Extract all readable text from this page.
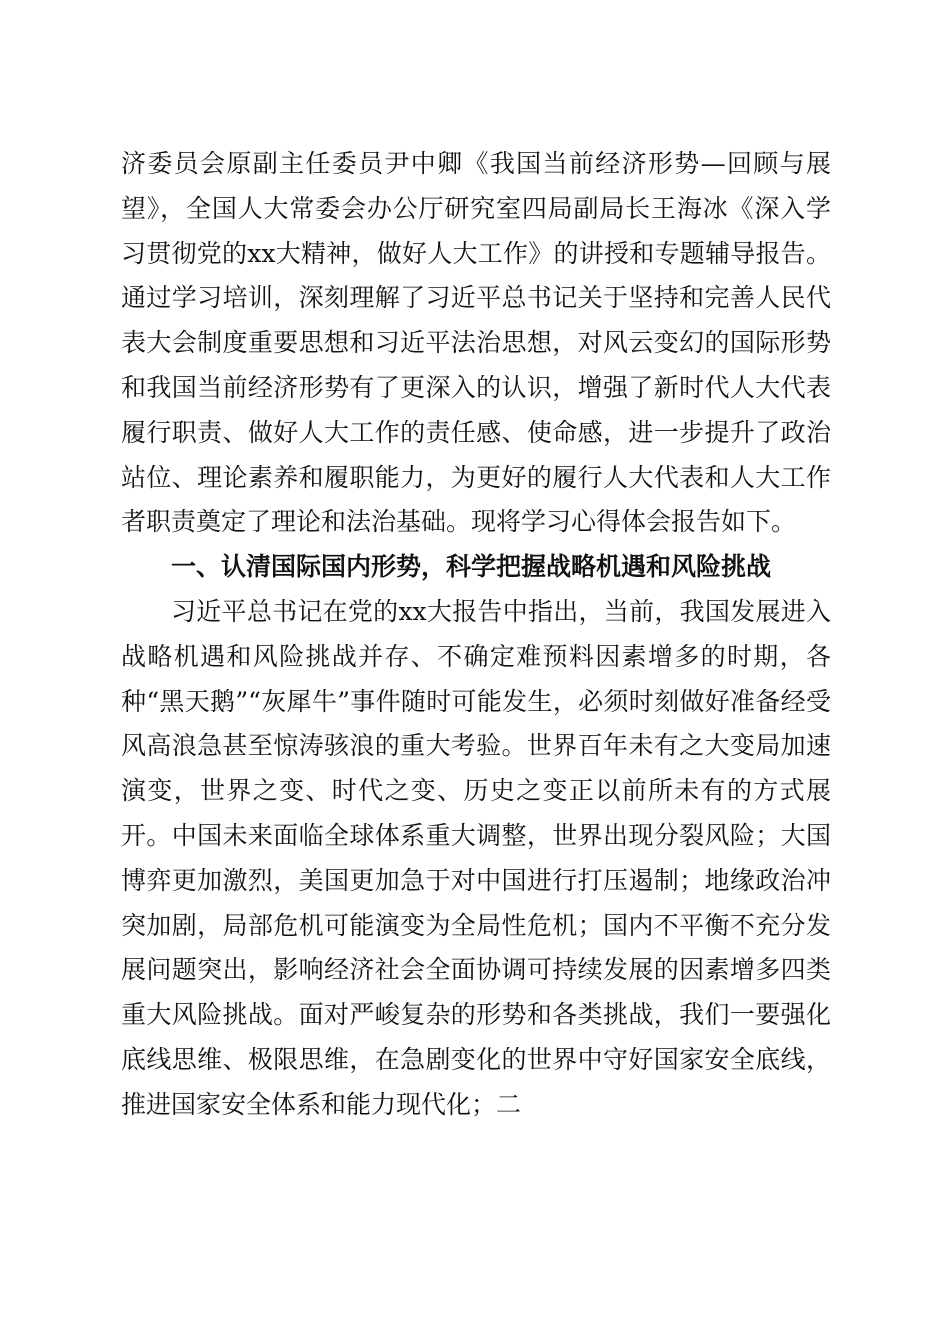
济委员会原副主任委员尹中卿《我国当前经济形势—回顾与展望》，全国人大常委会办公厅研究室四局副局长王海冰《深入学习贯彻党的xx大精神，做好人大工作》的讲授和专题辅导报告。通过学习培训，深刻理解了习近平总书记关于坚持和完善人民代表大会制度重要思想和习近平法治思想，对风云变幻的国际形势和我国当前经济形势有了更深入的认识，增强了新时代人大代表履行职责、做好人大工作的责任感、使命感，进一步提升了政治站位、理论素养和履职能力，为更好的履行人大代表和人大工作者职责奠定了理论和法治基础。现将学习心得体会报告如下。

一、认清国际国内形势，科学把握战略机遇和风险挑战

习近平总书记在党的xx大报告中指出，当前，我国发展进入战略机遇和风险挑战并存、不确定难预料因素增多的时期，各种“黑天鹅”“灰犀牛”事件随时可能发生，必须时刻做好准备经受风高浪急甚至惊涛骇浪的重大考验。世界百年未有之大变局加速演变，世界之变、时代之变、历史之变正以前所未有的方式展开。中国未来面临全球体系重大调整，世界出现分裂风险；大国博弈更加激烈，美国更加急于对中国进行打压遏制；地缘政治冲突加剧，局部危机可能演变为全局性危机；国内不平衡不充分发展问题突出，影响经济社会全面协调可持续发展的因素增多四类重大风险挑战。面对严峻复杂的形势和各类挑战，我们一要强化底线思维、极限思维，在急剧变化的世界中守好国家安全底线，推进国家安全体系和能力现代化；二
